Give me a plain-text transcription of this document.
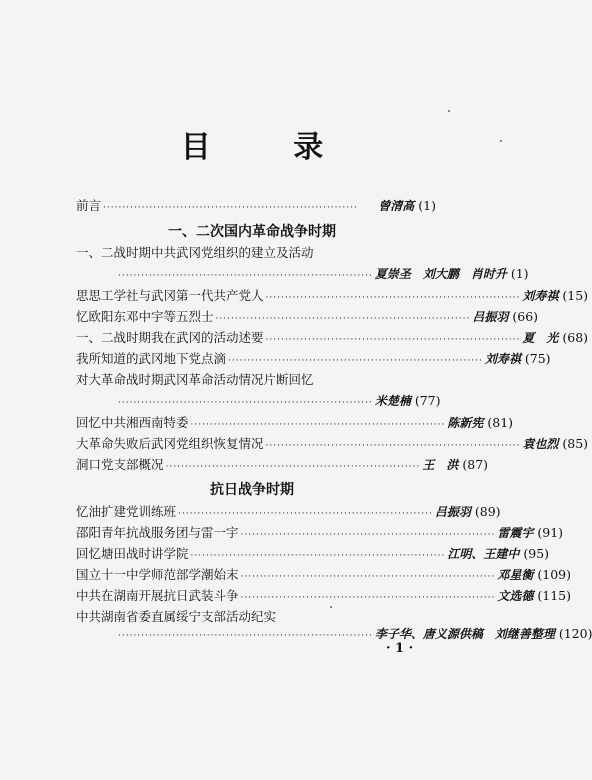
目 录
前言 ··································································	曾清高 (1)
一、二次国内革命战争时期
一、二战时期中共武冈党组织的建立及活动
·································································· 夏崇圣　刘大鹏　肖时升 (1)
思思工学社与武冈第一代共产党人 ·································································· 刘寿祺 (15)
忆欧阳东邓中宇等五烈士 ·································································· 吕振羽 (66)
一、二战时期我在武冈的活动述要 ·································································· 夏　光 (68)
我所知道的武冈地下党点滴 ·································································· 刘寿祺 (75)
对大革命战时期武冈革命活动情况片断回忆
·································································· 米楚楠 (77)
回忆中共湘西南特委 ·································································· 陈新宪 (81)
大革命失败后武冈党组织恢复情况 ·································································· 袁也烈 (85)
洞口党支部概况 ·································································· 王　洪 (87)
抗日战争时期
忆油扩建党训练班 ·································································· 吕振羽 (89)
邵阳青年抗战服务团与雷一宇 ·································································· 雷震宇 (91)
回忆塘田战时讲学院 ·································································· 江明、王建中 (95)
国立十一中学师范部学潮始末 ·································································· 邓星衡 (109)
中共在湖南开展抗日武装斗争 ·································································· 文选德 (115)
中共湖南省委直属绥宁支部活动纪实
·································································· 李子华、唐义源供稿　刘继善整理 (120)
· 1 ·
